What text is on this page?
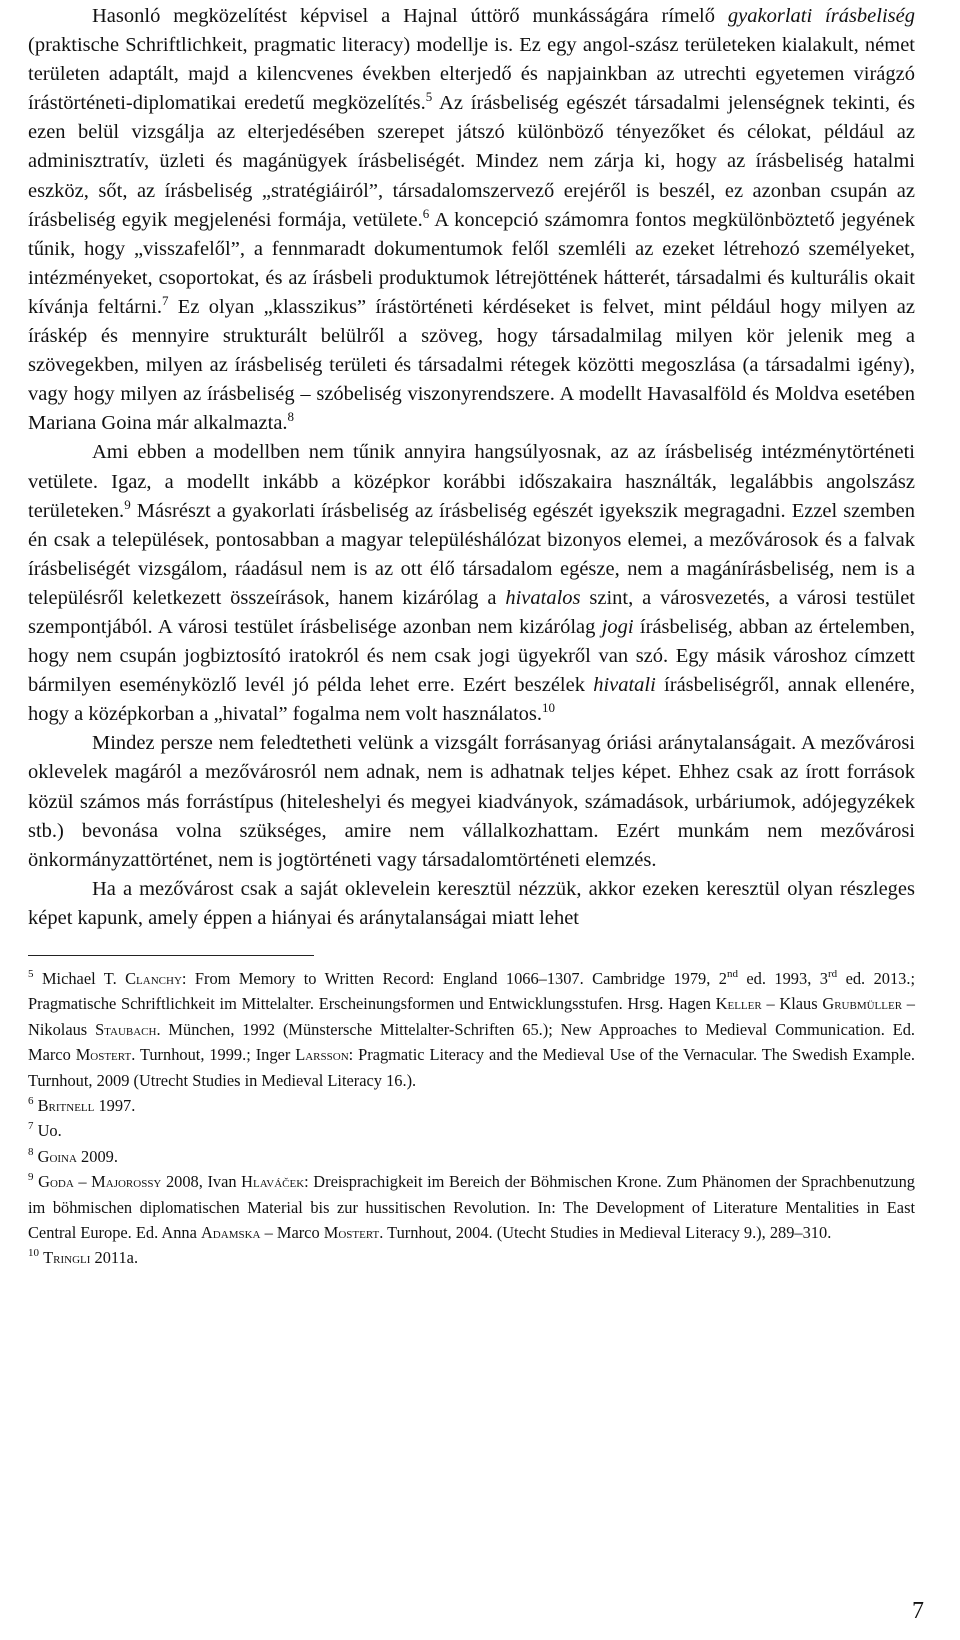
Hasonló megközelítést képvisel a Hajnal úttörő munkásságára rímelő gyakorlati írásbeliség (praktische Schriftlichkeit, pragmatic literacy) modellje is. Ez egy angol-szász területeken kialakult, német területen adaptált, majd a kilencvenes években elterjedő és napjainkban az utrechti egyetemen virágzó írástörténeti-diplomatikai eredetű megközelítés.$^5$ Az írásbeliség egészét társadalmi jelenségnek tekinti, és ezen belül vizsgálja az elterjedésében szerepet játszó különböző tényezőket és célokat, például az adminisztratív, üzleti és magánügyek írásbeliségét. Mindez nem zárja ki, hogy az írásbeliség hatalmi eszköz, sőt, az írásbeliség „stratégiáiról”, társadalomszervező erejéről is beszél, ez azonban csupán az írásbeliség egyik megjelenési formája, vetülete.$^6$ A koncepció számomra fontos megkülönböztető jegyének tűnik, hogy „visszafelől”, a fennmaradt dokumentumok felől szemléli az ezeket létrehozó személyeket, intézményeket, csoportokat, és az írásbeli produktumok létrejöttének hátterét, társadalmi és kulturális okait kívánja feltárni.$^7$ Ez olyan „klasszikus” írástörténeti kérdéseket is felvet, mint például hogy milyen az íráskép és mennyire strukturált belülről a szöveg, hogy társadalmilag milyen kör jelenik meg a szövegekben, milyen az írásbeliség területi és társadalmi rétegek közötti megoszlása (a társadalmi igény), vagy hogy milyen az írásbeliség – szóbeliség viszonyrendszere. A modellt Havasalföld és Moldva esetében Mariana Goina már alkalmazta.$^8$

Ami ebben a modellben nem tűnik annyira hangsúlyosnak, az az írásbeliség intézménytörténeti vetülete. Igaz, a modellt inkább a középkor korábbi időszakaira használták, legalábbis angolszász területeken.$^9$ Másrészt a gyakorlati írásbeliség az írásbeliség egészét igyekszik megragadni. Ezzel szemben én csak a települések, pontosabban a magyar településhálózat bizonyos elemei, a mezővárosok és a falvak írásbeliségét vizsgálom, ráadásul nem is az ott élő társadalom egésze, nem a magánírásbeliség, nem is a településről keletkezett összeírások, hanem kizárólag a hivatalos szint, a városvezetés, a városi testület szempontjából. A városi testület írásbelisége azonban nem kizárólag jogi írásbeliség, abban az értelemben, hogy nem csupán jogbiztosító iratokról és nem csak jogi ügyekről van szó. Egy másik városhoz címzett bármilyen eseményközlő levél jó példa lehet erre. Ezért beszélek hivatali írásbeliségről, annak ellenére, hogy a középkorban a „hivatal” fogalma nem volt használatos.$^{10}$

Mindez persze nem feledtetheti velünk a vizsgált forrásanyag óriási aránytalanságait. A mezővárosi oklevelek magáról a mezővárosról nem adnak, nem is adhatnak teljes képet. Ehhez csak az írott források közül számos más forrástípus (hiteleshelyi és megyei kiadványok, számadások, urbáriumok, adójegyzékek stb.) bevonása volna szükséges, amire nem vállalkozhattam. Ezért munkám nem mezővárosi önkormányzattörténet, nem is jogtörténeti vagy társadalomtörténeti elemzés.

Ha a mezővárost csak a saját oklevelein keresztül nézzük, akkor ezeken keresztül olyan részleges képet kapunk, amely éppen a hiányai és aránytalanságai miatt lehet

$^5$ Michael T. Clanchy: From Memory to Written Record: England 1066–1307. Cambridge 1979, 2nd ed. 1993, 3rd ed. 2013.; Pragmatische Schriftlichkeit im Mittelalter. Erscheinungsformen und Entwicklungsstufen. Hrsg. Hagen Keller – Klaus Grubmüller – Nikolaus Staubach. München, 1992 (Münstersche Mittelalter-Schriften 65.); New Approaches to Medieval Communication. Ed. Marco Mostert. Turnhout, 1999.; Inger Larsson: Pragmatic Literacy and the Medieval Use of the Vernacular. The Swedish Example. Turnhout, 2009 (Utrecht Studies in Medieval Literacy 16.).

$^6$ Britnell 1997.

$^7$ Uo.

$^8$ Goina 2009.

$^9$ Goda – Majorossy 2008, Ivan Hlaváček: Dreisprachigkeit im Bereich der Böhmischen Krone. Zum Phänomen der Sprachbenutzung im böhmischen diplomatischen Material bis zur hussitischen Revolution. In: The Development of Literature Mentalities in East Central Europe. Ed. Anna Adamska – Marco Mostert. Turnhout, 2004. (Utecht Studies in Medieval Literacy 9.), 289–310.

$^{10}$ Tringli 2011a.

7
